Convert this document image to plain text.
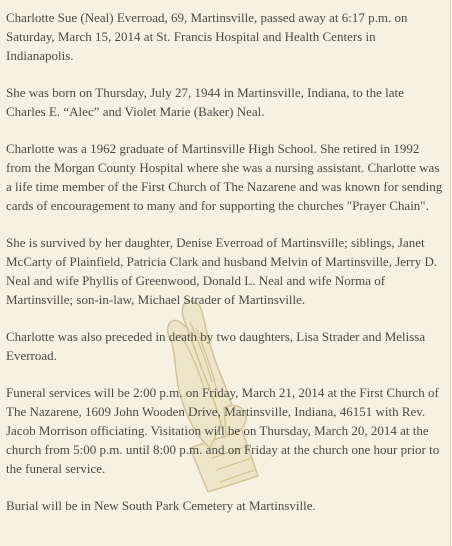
Charlotte Sue (Neal) Everroad, 69, Martinsville, passed away at 6:17 p.m. on Saturday, March 15, 2014 at St. Francis Hospital and Health Centers in Indianapolis.

She was born on Thursday, July 27, 1944 in Martinsville, Indiana, to the late Charles E. “Alec” and Violet Marie (Baker) Neal.

Charlotte was a 1962 graduate of Martinsville High School. She retired in 1992 from the Morgan County Hospital where she was a nursing assistant. Charlotte was a life time member of the First Church of The Nazarene and was known for sending cards of encouragement to many and for supporting the churches "Prayer Chain".

She is survived by her daughter, Denise Everroad of Martinsville; siblings, Janet McCarty of Plainfield, Patricia Clark and husband Melvin of Martinsville, Jerry D. Neal and wife Phyllis of Greenwood, Donald L. Neal and wife Norma of Martinsville; son-in-law, Michael Strader of Martinsville.

Charlotte was also preceded in death by two daughters, Lisa Strader and Melissa Everroad.

Funeral services will be 2:00 p.m. on Friday, March 21, 2014 at the First Church of The Nazarene, 1609 John Wooden Drive, Martinsville, Indiana, 46151 with Rev. Jacob Morrison officiating. Visitation will be on Thursday, March 20, 2014 at the church from 5:00 p.m. until 8:00 p.m. and on Friday at the church one hour prior to the funeral service.

Burial will be in New South Park Cemetery at Martinsville.
